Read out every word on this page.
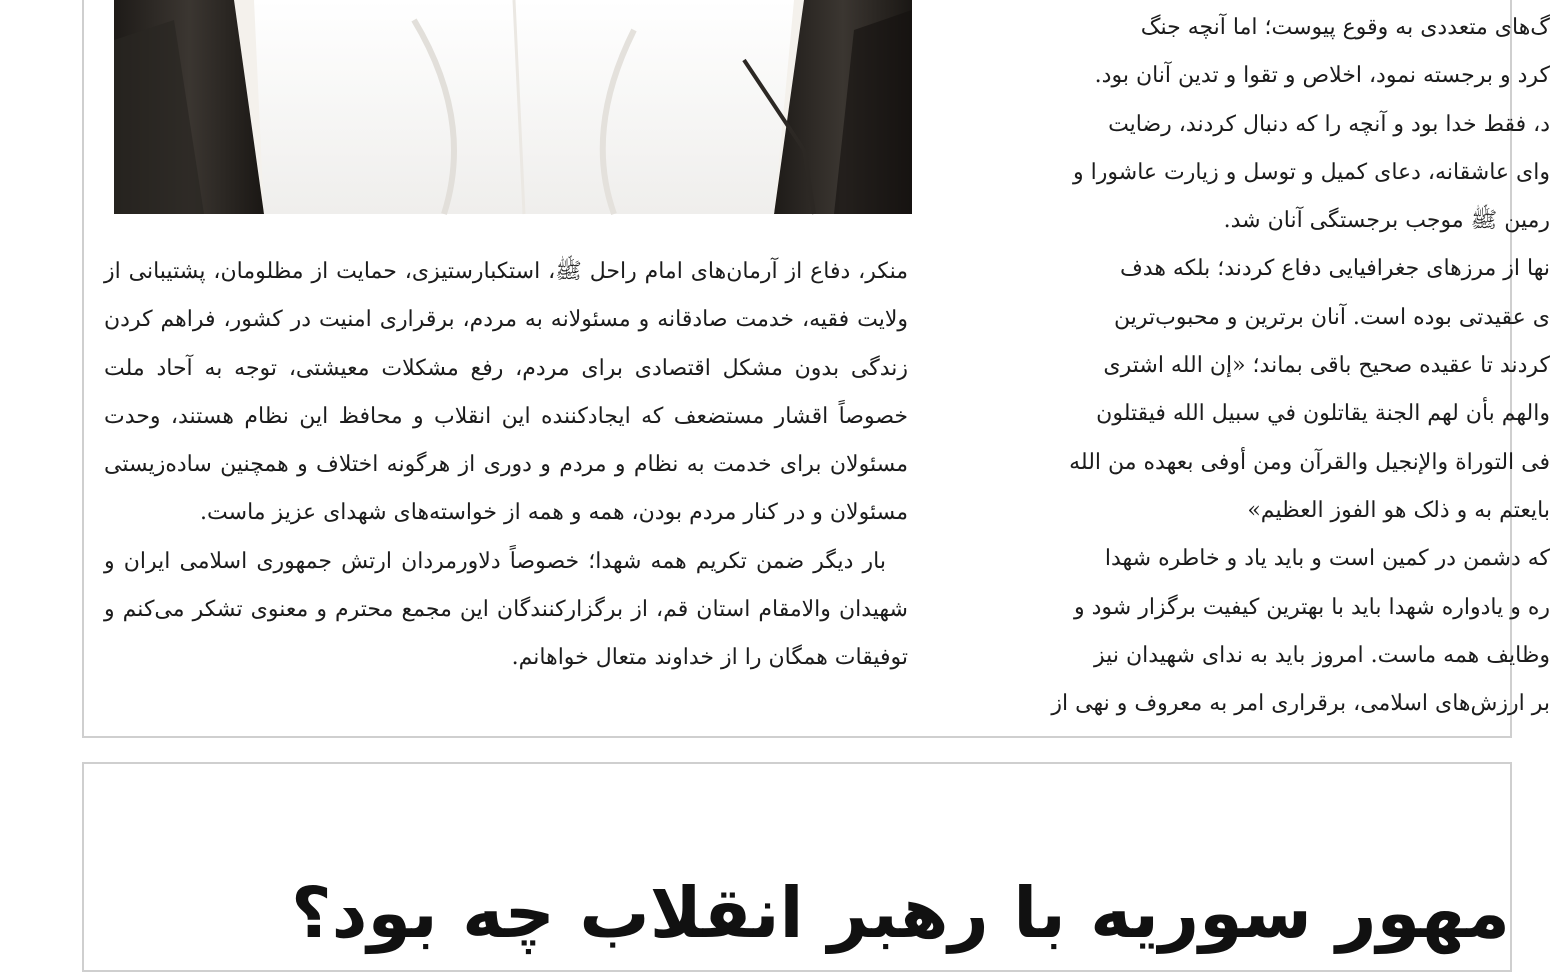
منکر، دفاع از آرمان‌های امام راحل ﷺ، استکبارستیزی، حمایت از مظلومان، پشتیبانی از ولایت فقیه، خدمت صادقانه و مسئولانه به مردم، برقراری امنیت در کشور، فراهم کردن زندگی بدون مشکل اقتصادی برای مردم، رفع مشکلات معیشتی، توجه به آحاد ملت خصوصاً اقشار مستضعف که ایجادکننده این انقلاب و محافظ این نظام هستند، وحدت مسئولان برای خدمت به نظام و مردم و دوری از هرگونه اختلاف و همچنین ساده‌زیستی مسئولان و در کنار مردم بودن، همه و همه از خواسته‌های شهدای عزیز ماست.

بار دیگر ضمن تکریم همه شهدا؛ خصوصاً دلاورمردان ارتش جمهوری اسلامی ایران و شهیدان والامقام استان قم، از برگزارکنندگان این مجمع محترم و معنوی تشکر می‌کنم و توفیقات همگان را از خداوند متعال خواهانم.

گ‌های متعددی به وقوع پیوست؛ اما آنچه جنگ

کرد و برجسته نمود، اخلاص و تقوا و تدین آنان بود.

د، فقط خدا بود و آنچه را که دنبال کردند، رضایت

وای عاشقانه، دعای کمیل و توسل و زیارت عاشورا و

رمین ﷺ موجب برجستگی آنان شد.

نها از مرزهای جغرافیایی دفاع کردند؛ بلکه هدف

ی عقیدتی بوده است. آنان برترین و محبوب‌ترین

کردند تا عقیده صحیح باقی بماند؛ «إن الله اشتری

والهم بأن لهم الجنة يقاتلون في سبيل الله فيقتلون

فی التوراة والإنجيل والقرآن ومن أوفى بعهده من الله

بایعتم به و ذلک هو الفوز العظيم»

که دشمن در کمین است و باید یاد و خاطره شهدا

ره و یادواره شهدا باید با بهترین کیفیت برگزار شود و

وظایف همه ماست. امروز باید به ندای شهیدان نیز

بر ارزش‌های اسلامی، برقراری امر به معروف و نهی از

مهور سوریه با رهبر انقلاب چه بود؟
